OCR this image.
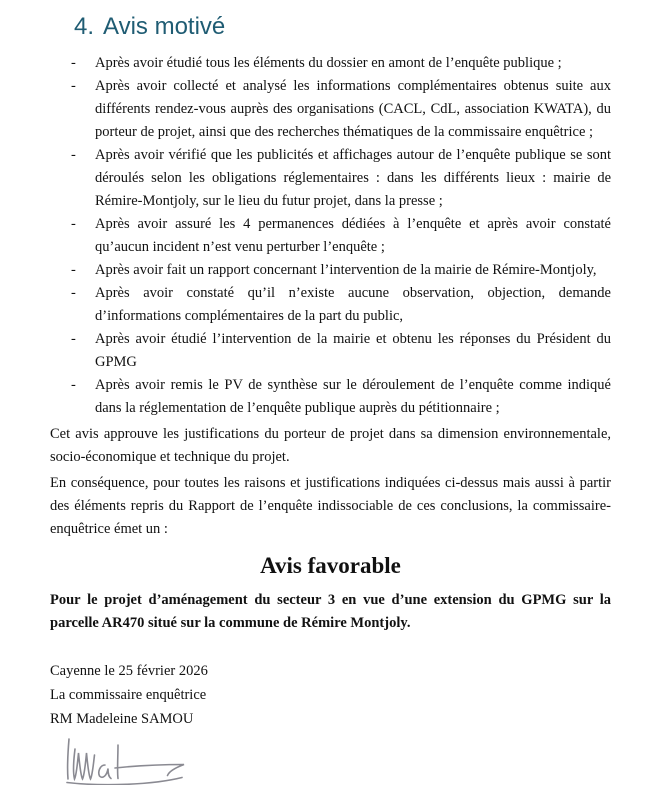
4. Avis motivé
-	Après avoir étudié tous les éléments du dossier en amont de l’enquête publique ;
-	Après avoir collecté et analysé les informations complémentaires obtenus suite aux différents rendez-vous auprès des organisations (CACL, CdL, association KWATA), du porteur de projet, ainsi que des recherches thématiques de la commissaire enquêtrice ;
-	Après avoir vérifié que les publicités et affichages autour de l’enquête publique se sont déroulés selon les obligations réglementaires : dans les différents lieux : mairie de Rémire-Montjoly, sur le lieu du futur projet, dans la presse ;
-	Après avoir assuré les 4 permanences dédiées à l’enquête et après avoir constaté qu’aucun incident n’est venu perturber l’enquête ;
-	Après avoir fait un rapport concernant l’intervention de la mairie de Rémire-Montjoly,
-	Après avoir constaté qu’il n’existe aucune observation, objection, demande d’informations complémentaires de la part du public,
-	Après avoir étudié l’intervention de la mairie et obtenu les réponses du Président du GPMG
-	Après avoir remis le PV de synthèse sur le déroulement de l’enquête comme indiqué dans la réglementation de l’enquête publique auprès du pétitionnaire ;

Cet avis approuve les justifications du porteur de projet dans sa dimension environnementale, socio-économique et technique du projet.

En conséquence, pour toutes les raisons et justifications indiquées ci-dessus mais aussi à partir des éléments repris du Rapport de l’enquête indissociable de ces conclusions, la commissaire-enquêtrice émet un :

Avis favorable

Pour le projet d’aménagement du secteur 3 en vue d’une extension du GPMG sur la parcelle AR470 situé sur la commune de Rémire Montjoly.

Cayenne le 25 février 2026
La commissaire enquêtrice
RM Madeleine SAMOU
